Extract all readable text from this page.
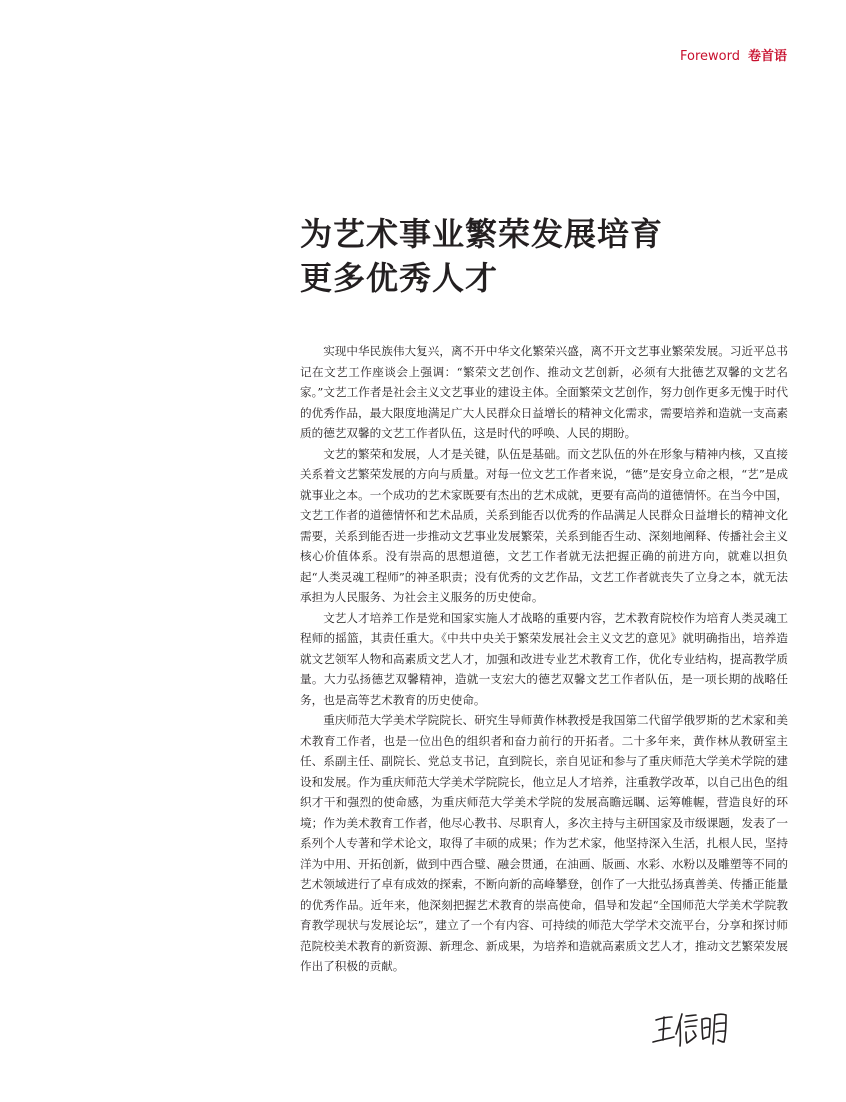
Foreword 卷首语
为艺术事业繁荣发展培育
更多优秀人才

实现中华民族伟大复兴，离不开中华文化繁荣兴盛，离不开文艺事业繁荣发展。习近平总书记在文艺工作座谈会上强调：“繁荣文艺创作、推动文艺创新，必须有大批德艺双馨的文艺名家。”文艺工作者是社会主义文艺事业的建设主体。全面繁荣文艺创作，努力创作更多无愧于时代的优秀作品，最大限度地满足广大人民群众日益增长的精神文化需求，需要培养和造就一支高素质的德艺双馨的文艺工作者队伍，这是时代的呼唤、人民的期盼。

文艺的繁荣和发展，人才是关键，队伍是基础。而文艺队伍的外在形象与精神内核，又直接关系着文艺繁荣发展的方向与质量。对每一位文艺工作者来说，“德”是安身立命之根，“艺”是成就事业之本。一个成功的艺术家既要有杰出的艺术成就，更要有高尚的道德情怀。在当今中国，文艺工作者的道德情怀和艺术品质，关系到能否以优秀的作品满足人民群众日益增长的精神文化需要，关系到能否进一步推动文艺事业发展繁荣，关系到能否生动、深刻地阐释、传播社会主义核心价值体系。没有崇高的思想道德，文艺工作者就无法把握正确的前进方向，就难以担负起“人类灵魂工程师”的神圣职责；没有优秀的文艺作品，文艺工作者就丧失了立身之本，就无法承担为人民服务、为社会主义服务的历史使命。

文艺人才培养工作是党和国家实施人才战略的重要内容，艺术教育院校作为培育人类灵魂工程师的摇篮，其责任重大。《中共中央关于繁荣发展社会主义文艺的意见》就明确指出，培养造就文艺领军人物和高素质文艺人才，加强和改进专业艺术教育工作，优化专业结构，提高教学质量。大力弘扬德艺双馨精神，造就一支宏大的德艺双馨文艺工作者队伍，是一项长期的战略任务，也是高等艺术教育的历史使命。

重庆师范大学美术学院院长、研究生导师黄作林教授是我国第二代留学俄罗斯的艺术家和美术教育工作者，也是一位出色的组织者和奋力前行的开拓者。二十多年来，黄作林从教研室主任、系副主任、副院长、党总支书记，直到院长，亲自见证和参与了重庆师范大学美术学院的建设和发展。作为重庆师范大学美术学院院长，他立足人才培养，注重教学改革，以自己出色的组织才干和强烈的使命感，为重庆师范大学美术学院的发展高瞻远瞩、运筹帷幄，营造良好的环境；作为美术教育工作者，他尽心教书、尽职育人，多次主持与主研国家及市级课题，发表了一系列个人专著和学术论文，取得了丰硕的成果；作为艺术家，他坚持深入生活，扎根人民，坚持洋为中用、开拓创新，做到中西合璧、融会贯通，在油画、版画、水彩、水粉以及雕塑等不同的艺术领域进行了卓有成效的探索，不断向新的高峰攀登，创作了一大批弘扬真善美、传播正能量的优秀作品。近年来，他深刻把握艺术教育的崇高使命，倡导和发起“全国师范大学美术学院教育教学现状与发展论坛”，建立了一个有内容、可持续的师范大学学术交流平台，分享和探讨师范院校美术教育的新资源、新理念、新成果，为培养和造就高素质文艺人才，推动文艺繁荣发展作出了积极的贡献。
